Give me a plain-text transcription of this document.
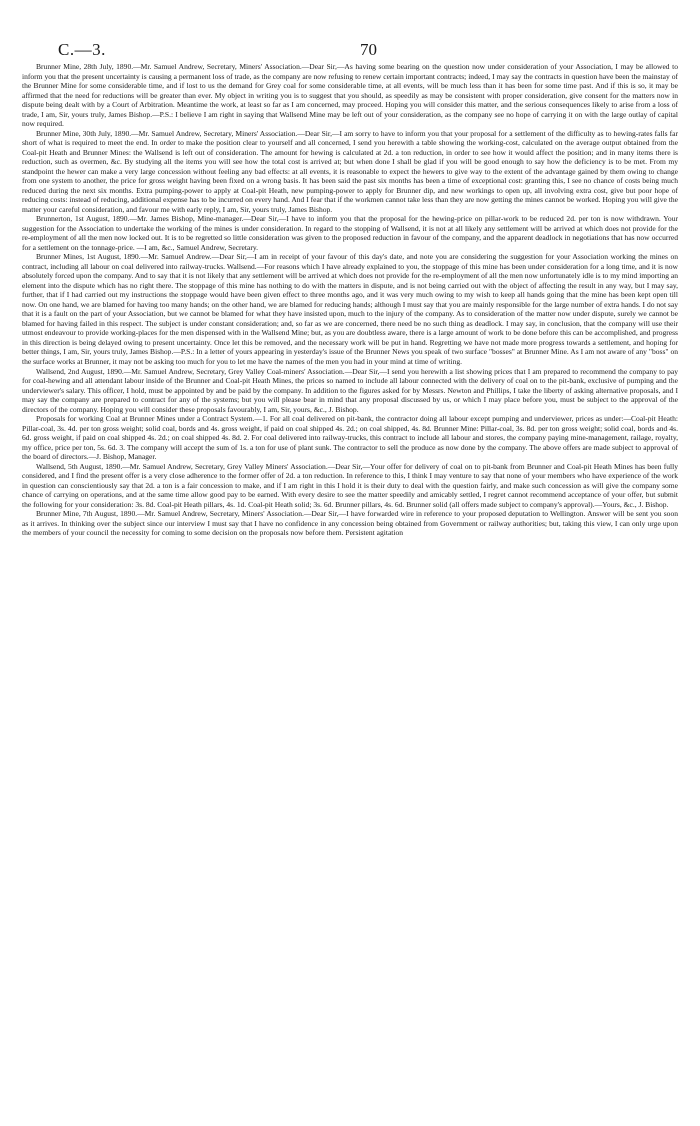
C.—3.	70

Brunner Mine, 28th July, 1890.—Mr. Samuel Andrew, Secretary, Miners' Association.—Dear Sir,—As having some bearing on the question now under consideration of your Association, I may be allowed to inform you that the present uncertainty is causing a permanent loss of trade, as the company are now refusing to renew certain important contracts; indeed, I may say the contracts in question have been the mainstay of the Brunner Mine for some considerable time, and if lost to us the demand for Grey coal for some considerable time, at all events, will be much less than it has been for some time past. And if this is so, it may be affirmed that the need for reductions will be greater than ever. My object in writing you is to suggest that you should, as speedily as may be consistent with proper consideration, give consent for the matters now in dispute being dealt with by a Court of Arbitration. Meantime the work, at least so far as I am concerned, may proceed. Hoping you will consider this matter, and the serious consequences likely to arise from a loss of trade, I am, Sir, yours truly, James Bishop.—P.S.: I believe I am right in saying that Wallsend Mine may be left out of your consideration, as the company see no hope of carrying it on with the large outlay of capital now required.

Brunner Mine, 30th July, 1890.—Mr. Samuel Andrew, Secretary, Miners' Association.—Dear Sir,—I am sorry to have to inform you that your proposal for a settlement of the difficulty as to hewing-rates falls far short of what is required to meet the end. In order to make the position clear to yourself and all concerned, I send you herewith a table showing the working-cost, calculated on the average output obtained from the Coal-pit Heath and Brunner Mines: the Wallsend is left out of consideration. The amount for hewing is calculated at 2d. a ton reduction, in order to see how it would affect the position; and in many items there is reduction, such as overmen, &c. By studying all the items you will see how the total cost is arrived at; but when done I shall be glad if you will be good enough to say how the deficiency is to be met. From my standpoint the hewer can make a very large concession without feeling any bad effects: at all events, it is reasonable to expect the hewers to give way to the extent of the advantage gained by them owing to change from one system to another, the price for gross weight having been fixed on a wrong basis. It has been said the past six months has been a time of exceptional cost: granting this, I see no chance of costs being much reduced during the next six months. Extra pumping-power to apply at Coal-pit Heath, new pumping-power to apply for Brunner dip, and new workings to open up, all involving extra cost, give but poor hope of reducing costs: instead of reducing, additional expense has to be incurred on every hand. And I fear that if the workmen cannot take less than they are now getting the mines cannot be worked. Hoping you will give the matter your careful consideration, and favour me with early reply, I am, Sir, yours truly, James Bishop.

Brunnerton, 1st August, 1890.—Mr. James Bishop, Mine-manager.—Dear Sir,—I have to inform you that the proposal for the hewing-price on pillar-work to be reduced 2d. per ton is now withdrawn. Your suggestion for the Association to undertake the working of the mines is under consideration. In regard to the stopping of Wallsend, it is not at all likely any settlement will be arrived at which does not provide for the re-employment of all the men now locked out. It is to be regretted so little consideration was given to the proposed reduction in favour of the company, and the apparent deadlock in negotiations that has now occurred for a settlement on the tonnage-price. —I am, &c., Samuel Andrew, Secretary.

Brunner Mines, 1st August, 1890.—Mr. Samuel Andrew.—Dear Sir,—I am in receipt of your favour of this day's date, and note you are considering the suggestion for your Association working the mines on contract, including all labour on coal delivered into railway-trucks. Wallsend.—For reasons which I have already explained to you, the stoppage of this mine has been under consideration for a long time, and it is now absolutely forced upon the company. And to say that it is not likely that any settlement will be arrived at which does not provide for the re-employment of all the men now unfortunately idle is to my mind importing an element into the dispute which has no right there. The stoppage of this mine has nothing to do with the matters in dispute, and is not being carried out with the object of affecting the result in any way, but I may say, further, that if I had carried out my instructions the stoppage would have been given effect to three months ago, and it was very much owing to my wish to keep all hands going that the mine has been kept open till now. On one hand, we are blamed for having too many hands; on the other hand, we are blamed for reducing hands; although I must say that you are mainly responsible for the large number of extra hands. I do not say that it is a fault on the part of your Association, but we cannot be blamed for what they have insisted upon, much to the injury of the company. As to consideration of the matter now under dispute, surely we cannot be blamed for having failed in this respect. The subject is under constant consideration; and, so far as we are concerned, there need be no such thing as deadlock. I may say, in conclusion, that the company will use their utmost endeavour to provide working-places for the men dispensed with in the Wallsend Mine; but, as you are doubtless aware, there is a large amount of work to be done before this can be accomplished, and progress in this direction is being delayed owing to present uncertainty. Once let this be removed, and the necessary work will be put in hand. Regretting we have not made more progress towards a settlement, and hoping for better things, I am, Sir, yours truly, James Bishop.—P.S.: In a letter of yours appearing in yesterday's issue of the Brunner News you speak of two surface "bosses" at Brunner Mine. As I am not aware of any "boss" on the surface works at Brunner, it may not be asking too much for you to let me have the names of the men you had in your mind at time of writing.

Wallsend, 2nd August, 1890.—Mr. Samuel Andrew, Secretary, Grey Valley Coal-miners' Association.—Dear Sir,—I send you herewith a list showing prices that I am prepared to recommend the company to pay for coal-hewing and all attendant labour inside of the Brunner and Coal-pit Heath Mines, the prices so named to include all labour connected with the delivery of coal on to the pit-bank, exclusive of pumping and the underviewer's salary. This officer, I hold, must be appointed by and be paid by the company. In addition to the figures asked for by Messrs. Newton and Phillips, I take the liberty of asking alternative proposals, and I may say the company are prepared to contract for any of the systems; but you will please bear in mind that any proposal discussed by us, or which I may place before you, must be subject to the approval of the directors of the company. Hoping you will consider these proposals favourably, I am, Sir, yours, &c., J. Bishop.

Proposals for working Coal at Brunner Mines under a Contract System.—1. For all coal delivered on pit-bank, the contractor doing all labour except pumping and underviewer, prices as under:—Coal-pit Heath: Pillar-coal, 3s. 4d. per ton gross weight; solid coal, bords and 4s. gross weight, if paid on coal shipped 4s. 2d.; on coal shipped, 4s. 8d. Brunner Mine: Pillar-coal, 3s. 8d. per ton gross weight; solid coal, bords and 4s. 6d. gross weight, if paid on coal shipped 4s. 2d.; on coal shipped 4s. 8d. 2. For coal delivered into railway-trucks, this contract to include all labour and stores, the company paying mine-management, railage, royalty, my office, price per ton, 5s. 6d. 3. The company will accept the sum of 1s. a ton for use of plant sunk. The contractor to sell the produce as now done by the company. The above offers are made subject to approval of the board of directors.—J. Bishop, Manager.

Wallsend, 5th August, 1890.—Mr. Samuel Andrew, Secretary, Grey Valley Miners' Association.—Dear Sir,—Your offer for delivery of coal on to pit-bank from Brunner and Coal-pit Heath Mines has been fully considered, and I find the present offer is a very close adherence to the former offer of 2d. a ton reduction. In reference to this, I think I may venture to say that none of your members who have experience of the work in question can conscientiously say that 2d. a ton is a fair concession to make, and if I am right in this I hold it is their duty to deal with the question fairly, and make such concession as will give the company some chance of carrying on operations, and at the same time allow good pay to be earned. With every desire to see the matter speedily and amicably settled, I regret cannot recommend acceptance of your offer, but submit the following for your consideration: 3s. 8d. Coal-pit Heath pillars, 4s. 1d. Coal-pit Heath solid; 3s. 6d. Brunner pillars, 4s. 6d. Brunner solid (all offers made subject to company's approval).—Yours, &c., J. Bishop.

Brunner Mine, 7th August, 1890.—Mr. Samuel Andrew, Secretary, Miners' Association.—Dear Sir,—I have forwarded wire in reference to your proposed deputation to Wellington. Answer will be sent you soon as it arrives. In thinking over the subject since our interview I must say that I have no confidence in any concession being obtained from Government or railway authorities; but, taking this view, I can only urge upon the members of your council the necessity for coming to some decision on the proposals now before them. Persistent agitation
